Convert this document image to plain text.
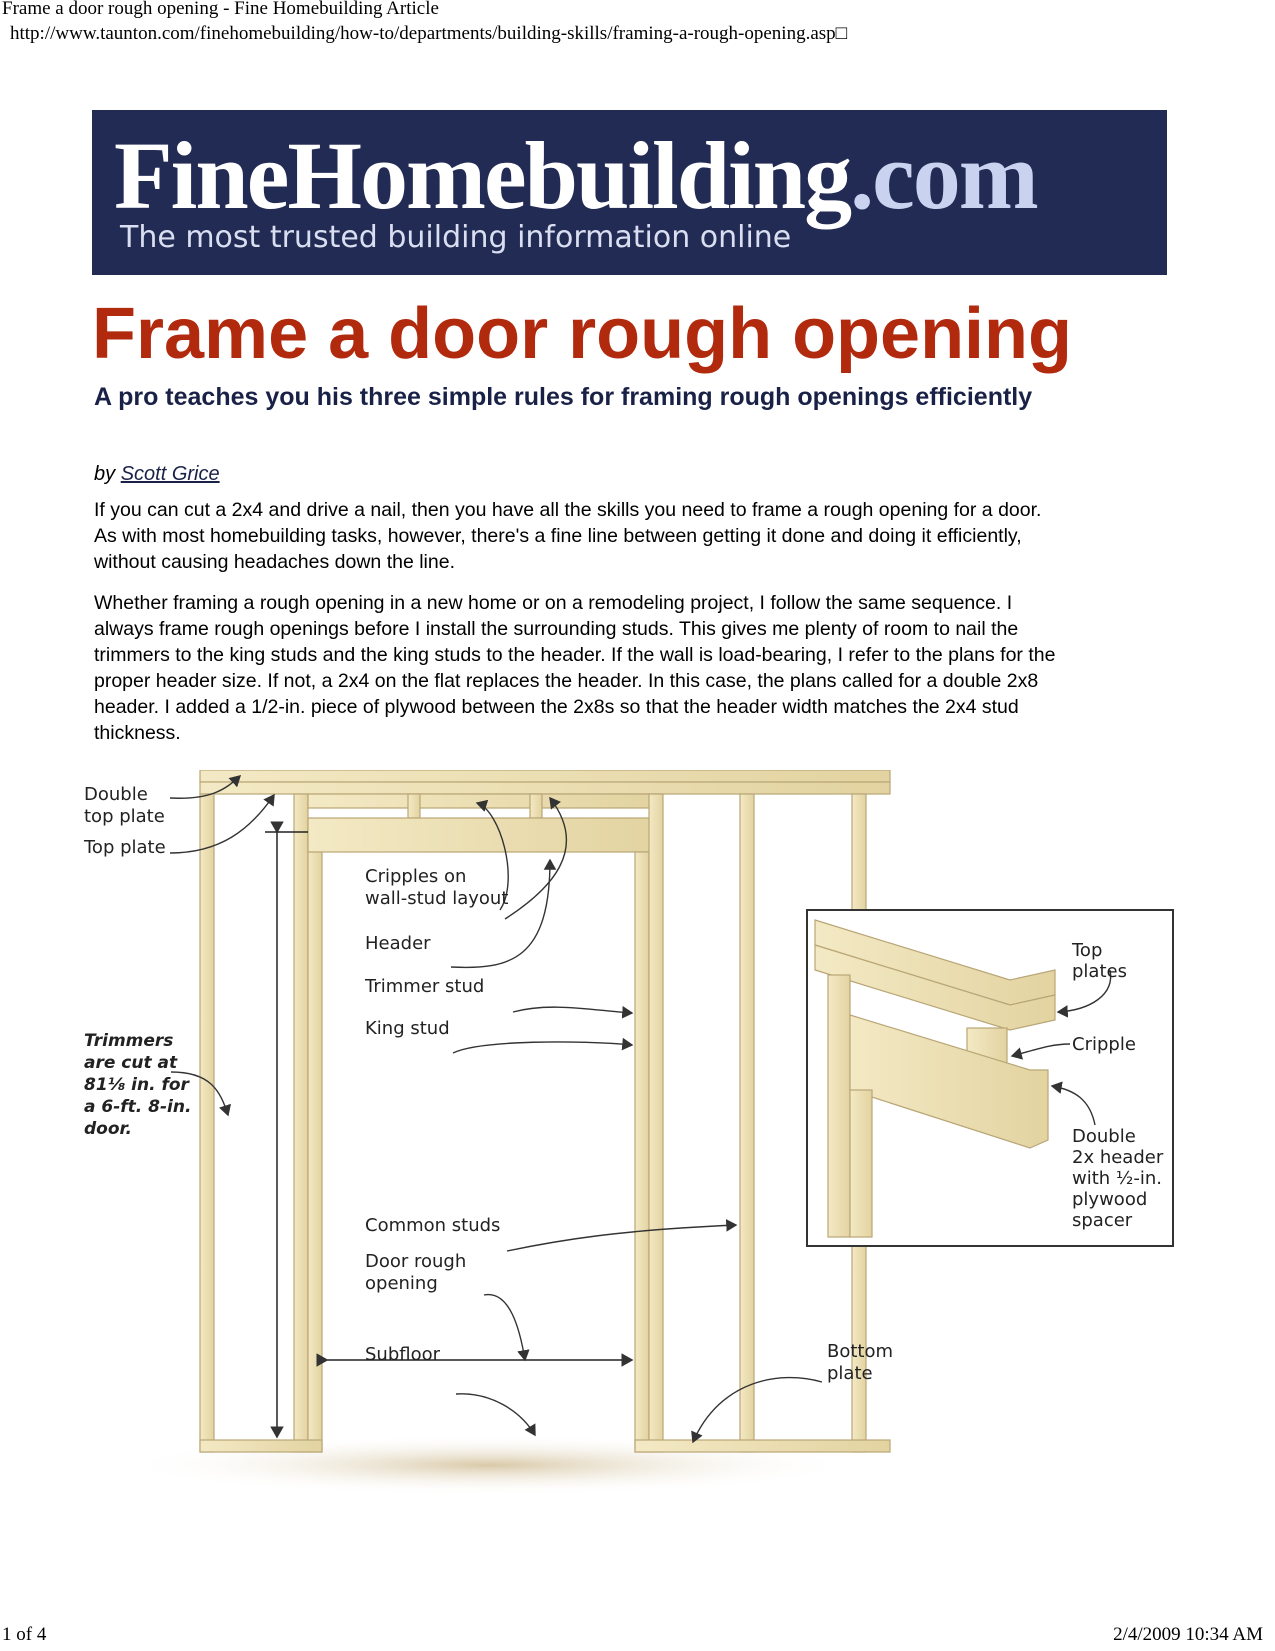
Frame a door rough opening - Fine Homebuilding Article
http://www.taunton.com/finehomebuilding/how-to/departments/building-skills/framing-a-rough-opening.asp□
FineHomebuilding.com
The most trusted building information online
Frame a door rough opening
A pro teaches you his three simple rules for framing rough openings efficiently
by Scott Grice

If you can cut a 2x4 and drive a nail, then you have all the skills you need to frame a rough opening for a door. As with most homebuilding tasks, however, there's a fine line between getting it done and doing it efficiently, without causing headaches down the line.

Whether framing a rough opening in a new home or on a remodeling project, I follow the same sequence. I always frame rough openings before I install the surrounding studs. This gives me plenty of room to nail the trimmers to the king studs and the king studs to the header. If the wall is load-bearing, I refer to the plans for the proper header size. If not, a 2x4 on the flat replaces the header. In this case, the plans called for a double 2x8 header. I added a 1/2-in. piece of plywood between the 2x8s so that the header width matches the 2x4 stud thickness.

Double
top plate
Top plate
Cripples on
wall-stud layout
Header
Trimmer stud
King stud
Trimmers
are cut at
81⅛ in. for
a 6-ft. 8-in.
door.
Common studs
Door rough
opening
Subfloor	Bottom
plate
Top
plates
Cripple
Double
2x header
with ½-in.
plywood
spacer
1 of 4	2/4/2009 10:34 AM
